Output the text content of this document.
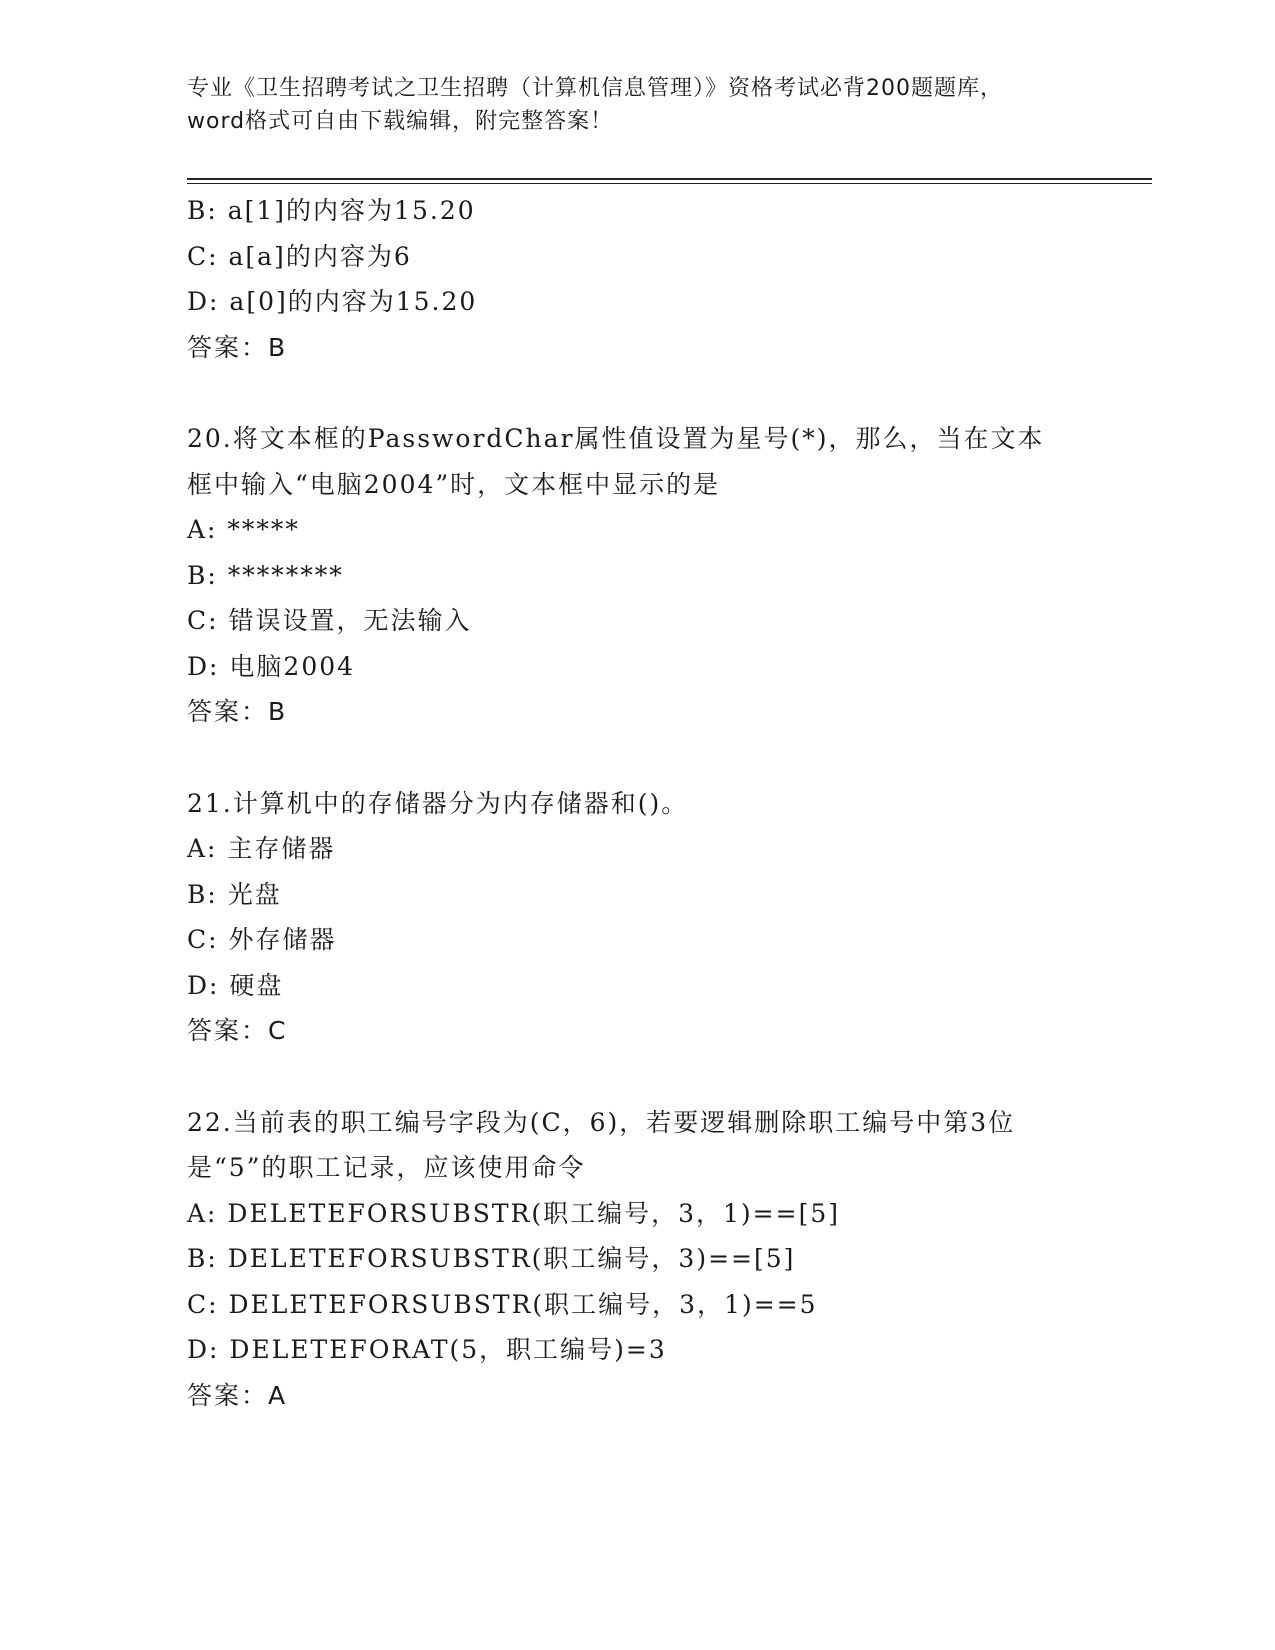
专业《卫生招聘考试之卫生招聘（计算机信息管理）》资格考试必背200题题库，
word格式可自由下载编辑，附完整答案！
B: a[1]的内容为15.20
C: a[a]的内容为6
D: a[0]的内容为15.20
答案：B
20.将文本框的PasswordChar属性值设置为星号(*)，那么，当在文本
框中输入“电脑2004”时，文本框中显示的是
A: *****
B: ********
C: 错误设置，无法输入
D: 电脑2004
答案：B
21.计算机中的存储器分为内存储器和()。
A: 主存储器
B: 光盘
C: 外存储器
D: 硬盘
答案：C
22.当前表的职工编号字段为(C，6)，若要逻辑删除职工编号中第3位
是“5”的职工记录，应该使用命令
A: DELETEFORSUBSTR(职工编号，3，1)==[5]
B: DELETEFORSUBSTR(职工编号，3)==[5]
C: DELETEFORSUBSTR(职工编号，3，1)==5
D: DELETEFORAT(5，职工编号)=3
答案：A
